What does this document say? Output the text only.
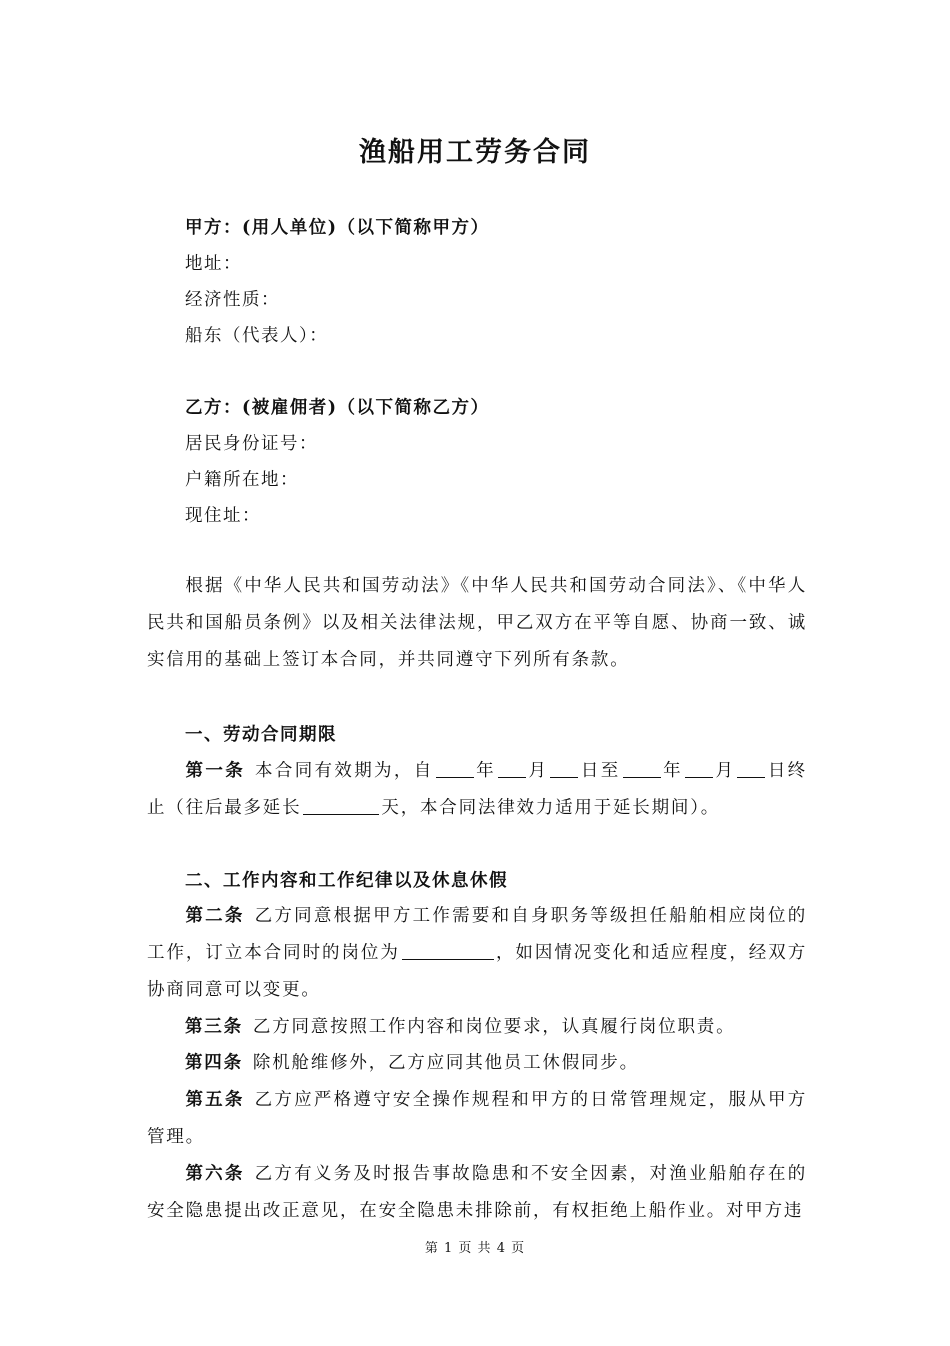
渔船用工劳务合同
甲方：(用人单位)（以下简称甲方）
地址：
经济性质：
船东（代表人）：
乙方：(被雇佣者)（以下简称乙方）
居民身份证号：
户籍所在地：
现住址：
根据《中华人民共和国劳动法》《中华人民共和国劳动合同法》、《中华人民共和国船员条例》以及相关法律法规，甲乙双方在平等自愿、协商一致、诚实信用的基础上签订本合同，并共同遵守下列所有条款。
一、劳动合同期限
第一条 本合同有效期为，自 年 月 日至 年 月 日终止（往后最多延长	天，本合同法律效力适用于延长期间）。
二、工作内容和工作纪律以及休息休假
第二条 乙方同意根据甲方工作需要和自身职务等级担任船舶相应岗位的工作，订立本合同时的岗位为	，如因情况变化和适应程度，经双方协商同意可以变更。
第三条 乙方同意按照工作内容和岗位要求，认真履行岗位职责。
第四条 除机舱维修外，乙方应同其他员工休假同步。
第五条 乙方应严格遵守安全操作规程和甲方的日常管理规定，服从甲方管理。
第六条 乙方有义务及时报告事故隐患和不安全因素，对渔业船舶存在的安全隐患提出改正意见，在安全隐患未排除前，有权拒绝上船作业。对甲方违
第 1 页 共 4 页
